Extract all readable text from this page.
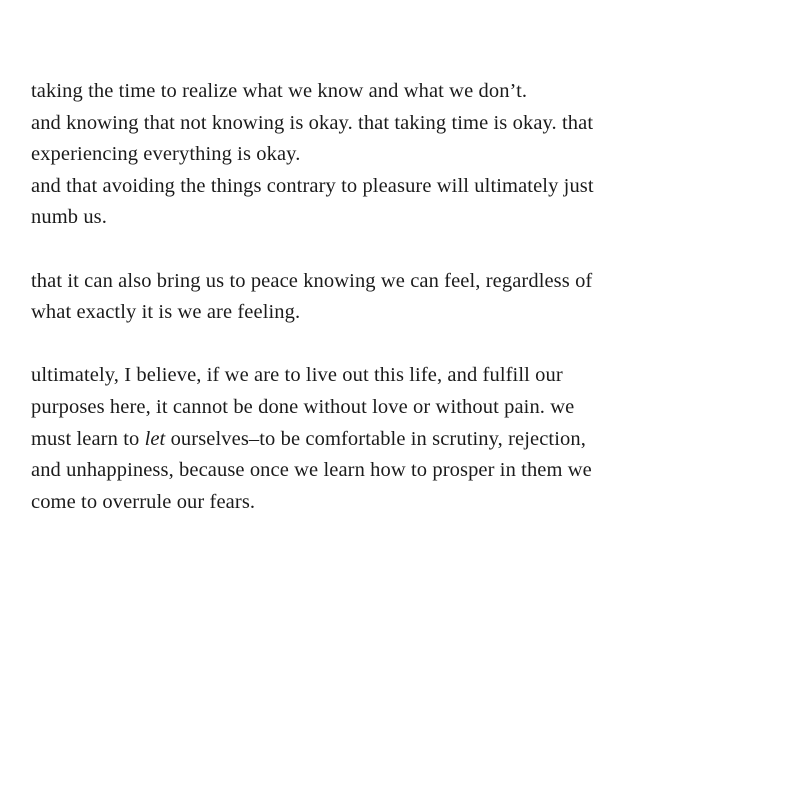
taking the time to realize what we know and what we don’t.
and knowing that not knowing is okay. that taking time is okay. that
experiencing everything is okay.
and that avoiding the things contrary to pleasure will ultimately just
numb us.
that it can also bring us to peace knowing we can feel, regardless of
what exactly it is we are feeling.
ultimately, I believe, if we are to live out this life, and fulfill our
purposes here, it cannot be done without love or without pain. we
must learn to let ourselves–to be comfortable in scrutiny, rejection,
and unhappiness, because once we learn how to prosper in them we
come to overrule our fears.
